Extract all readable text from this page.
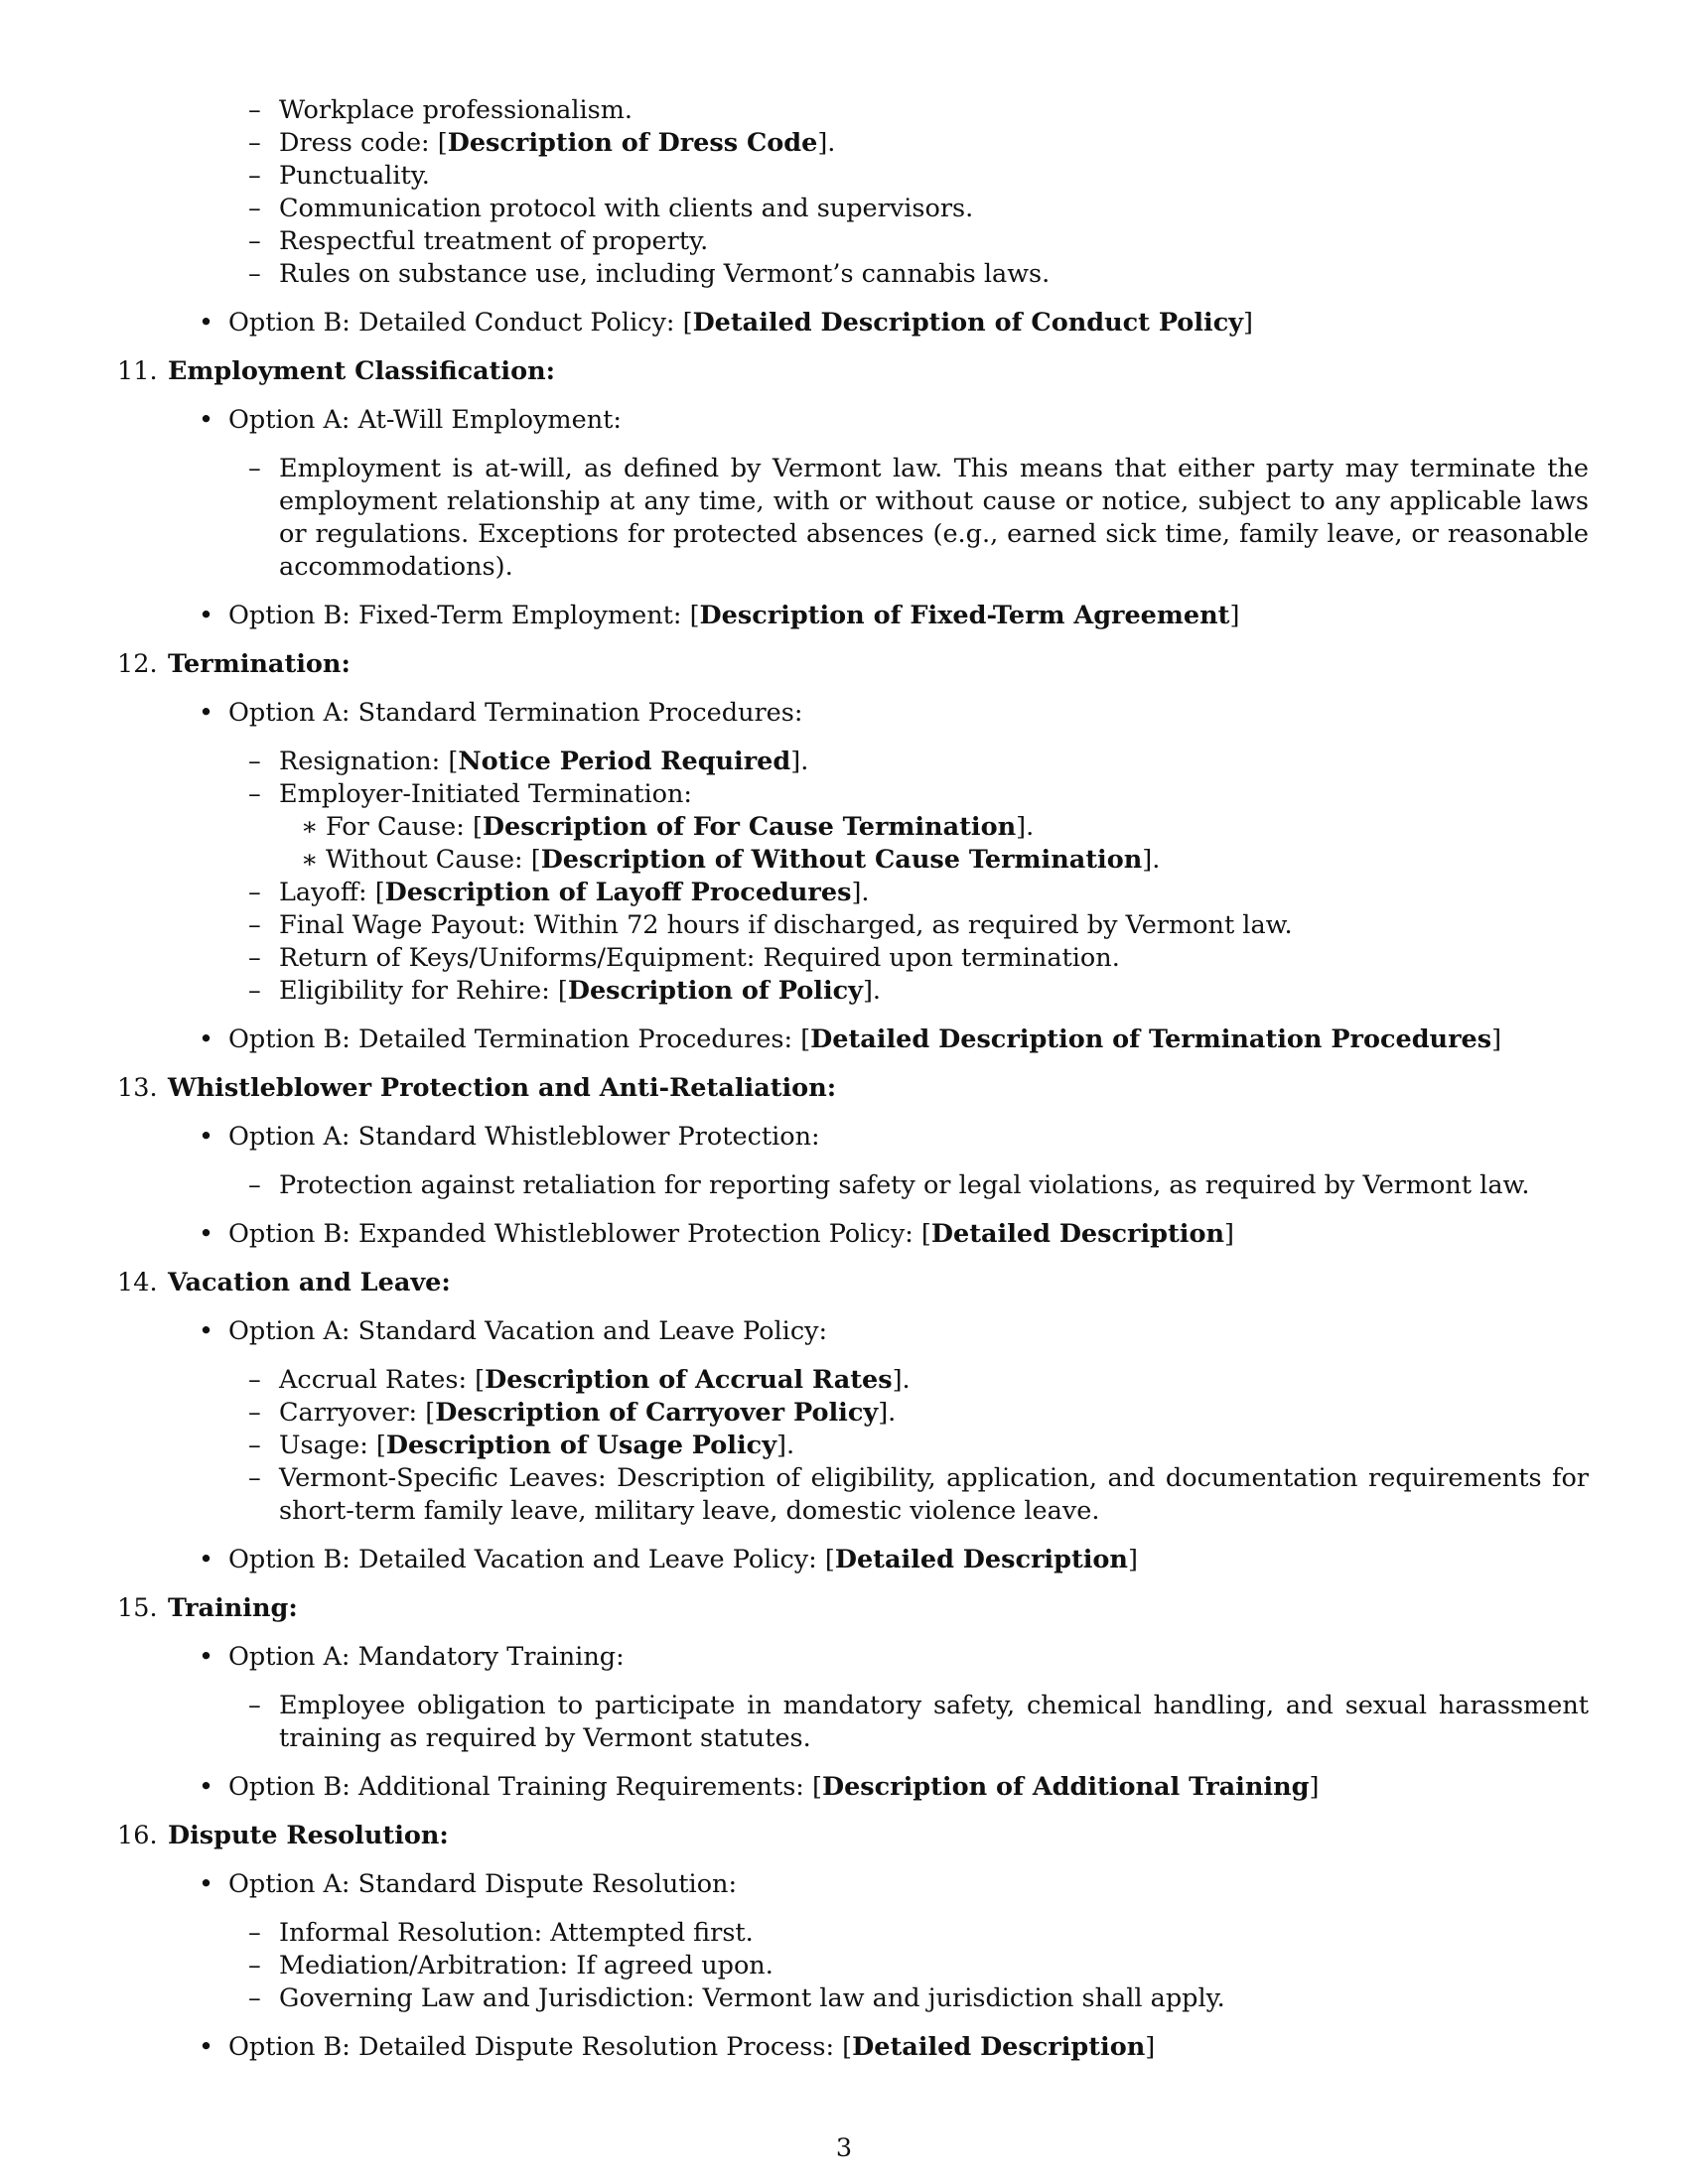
– Workplace professionalism.
– Dress code: [Description of Dress Code].
– Punctuality.
– Communication protocol with clients and supervisors.
– Respectful treatment of property.
– Rules on substance use, including Vermont’s cannabis laws.
• Option B: Detailed Conduct Policy: [Detailed Description of Conduct Policy]
11. Employment Classification:
• Option A: At-Will Employment:
– Employment is at-will, as defined by Vermont law. This means that either party may terminate the employment relationship at any time, with or without cause or notice, subject to any applicable laws or regulations. Exceptions for protected absences (e.g., earned sick time, family leave, or reasonable accommodations).
• Option B: Fixed-Term Employment: [Description of Fixed-Term Agreement]
12. Termination:
• Option A: Standard Termination Procedures:
– Resignation: [Notice Period Required].
– Employer-Initiated Termination:
∗ For Cause: [Description of For Cause Termination].
∗ Without Cause: [Description of Without Cause Termination].
– Layoff: [Description of Layoff Procedures].
– Final Wage Payout: Within 72 hours if discharged, as required by Vermont law.
– Return of Keys/Uniforms/Equipment: Required upon termination.
– Eligibility for Rehire: [Description of Policy].
• Option B: Detailed Termination Procedures: [Detailed Description of Termination Procedures]
13. Whistleblower Protection and Anti-Retaliation:
• Option A: Standard Whistleblower Protection:
– Protection against retaliation for reporting safety or legal violations, as required by Vermont law.
• Option B: Expanded Whistleblower Protection Policy: [Detailed Description]
14. Vacation and Leave:
• Option A: Standard Vacation and Leave Policy:
– Accrual Rates: [Description of Accrual Rates].
– Carryover: [Description of Carryover Policy].
– Usage: [Description of Usage Policy].
– Vermont-Specific Leaves: Description of eligibility, application, and documentation requirements for short-term family leave, military leave, domestic violence leave.
• Option B: Detailed Vacation and Leave Policy: [Detailed Description]
15. Training:
• Option A: Mandatory Training:
– Employee obligation to participate in mandatory safety, chemical handling, and sexual harassment training as required by Vermont statutes.
• Option B: Additional Training Requirements: [Description of Additional Training]
16. Dispute Resolution:
• Option A: Standard Dispute Resolution:
– Informal Resolution: Attempted first.
– Mediation/Arbitration: If agreed upon.
– Governing Law and Jurisdiction: Vermont law and jurisdiction shall apply.
• Option B: Detailed Dispute Resolution Process: [Detailed Description]
3
